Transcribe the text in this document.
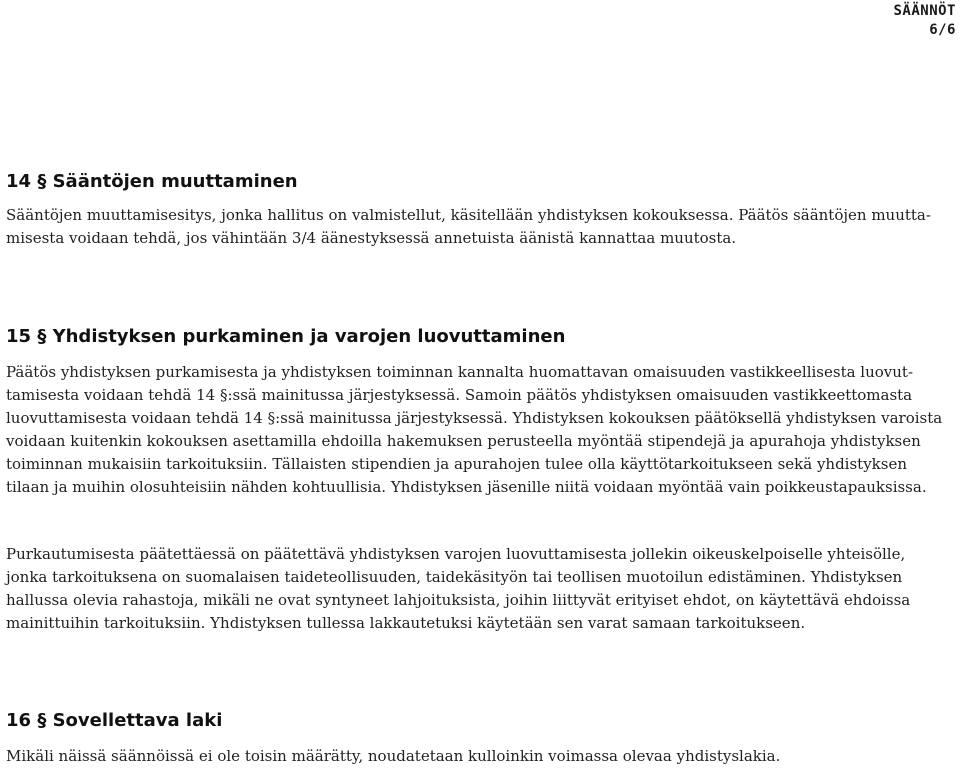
SÄÄNNÖT
6/6
14 § Sääntöjen muuttaminen

Sääntöjen muuttamisesitys, jonka hallitus on valmistellut, käsitellään yhdistyksen kokouksessa. Päätös sääntöjen muutta-
misesta voidaan tehdä, jos vähintään 3/4 äänestyksessä annetuista äänistä kannattaa muutosta.

15 § Yhdistyksen purkaminen ja varojen luovuttaminen

Päätös yhdistyksen purkamisesta ja yhdistyksen toiminnan kannalta huomattavan omaisuuden vastikkeellisesta luovut-
tamisesta voidaan tehdä 14 §:ssä mainitussa järjestyksessä. Samoin päätös yhdistyksen omaisuuden vastikkeettomasta
luovuttamisesta voidaan tehdä 14 §:ssä mainitussa järjestyksessä. Yhdistyksen kokouksen päätöksellä yhdistyksen varoista
voidaan kuitenkin kokouksen asettamilla ehdoilla hakemuksen perusteella myöntää stipendejä ja apurahoja yhdistyksen
toiminnan mukaisiin tarkoituksiin. Tällaisten stipendien ja apurahojen tulee olla käyttötarkoitukseen sekä yhdistyksen
tilaan ja muihin olosuhteisiin nähden kohtuullisia. Yhdistyksen jäsenille niitä voidaan myöntää vain poikkeustapauksissa.

Purkautumisesta päätettäessä on päätettävä yhdistyksen varojen luovuttamisesta jollekin oikeuskelpoiselle yhteisölle,
jonka tarkoituksena on suomalaisen taideteollisuuden, taidekäsityön tai teollisen muotoilun edistäminen. Yhdistyksen
hallussa olevia rahastoja, mikäli ne ovat syntyneet lahjoituksista, joihin liittyvät erityiset ehdot, on käytettävä ehdoissa
mainittuihin tarkoituksiin. Yhdistyksen tullessa lakkautetuksi käytetään sen varat samaan tarkoitukseen.

16 § Sovellettava laki

Mikäli näissä säännöissä ei ole toisin määrätty, noudatetaan kulloinkin voimassa olevaa yhdistyslakia.
